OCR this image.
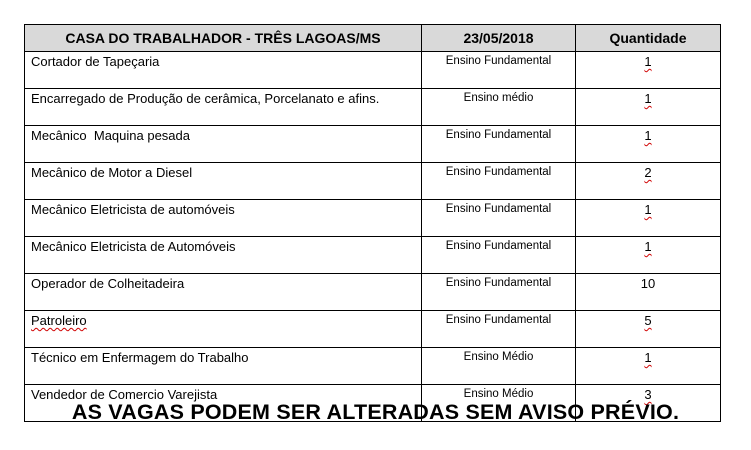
CASA DO TRABALHADOR - TRÊS LAGOAS/MS	23/05/2018	Quantidade
Cortador de Tapeçaria	Ensino Fundamental	1
Encarregado de Produção de cerâmica, Porcelanato e afins.	Ensino médio	1
Mecânico  Maquina pesada	Ensino Fundamental	1
Mecânico de Motor a Diesel	Ensino Fundamental	2
Mecânico Eletricista de automóveis	Ensino Fundamental	1
Mecânico Eletricista de Automóveis	Ensino Fundamental	1
Operador de Colheitadeira	Ensino Fundamental	10
Patroleiro	Ensino Fundamental	5
Técnico em Enfermagem do Trabalho	Ensino Médio	1
Vendedor de Comercio Varejista	Ensino Médio	3
AS VAGAS PODEM SER ALTERADAS SEM AVISO PRÉVIO.
